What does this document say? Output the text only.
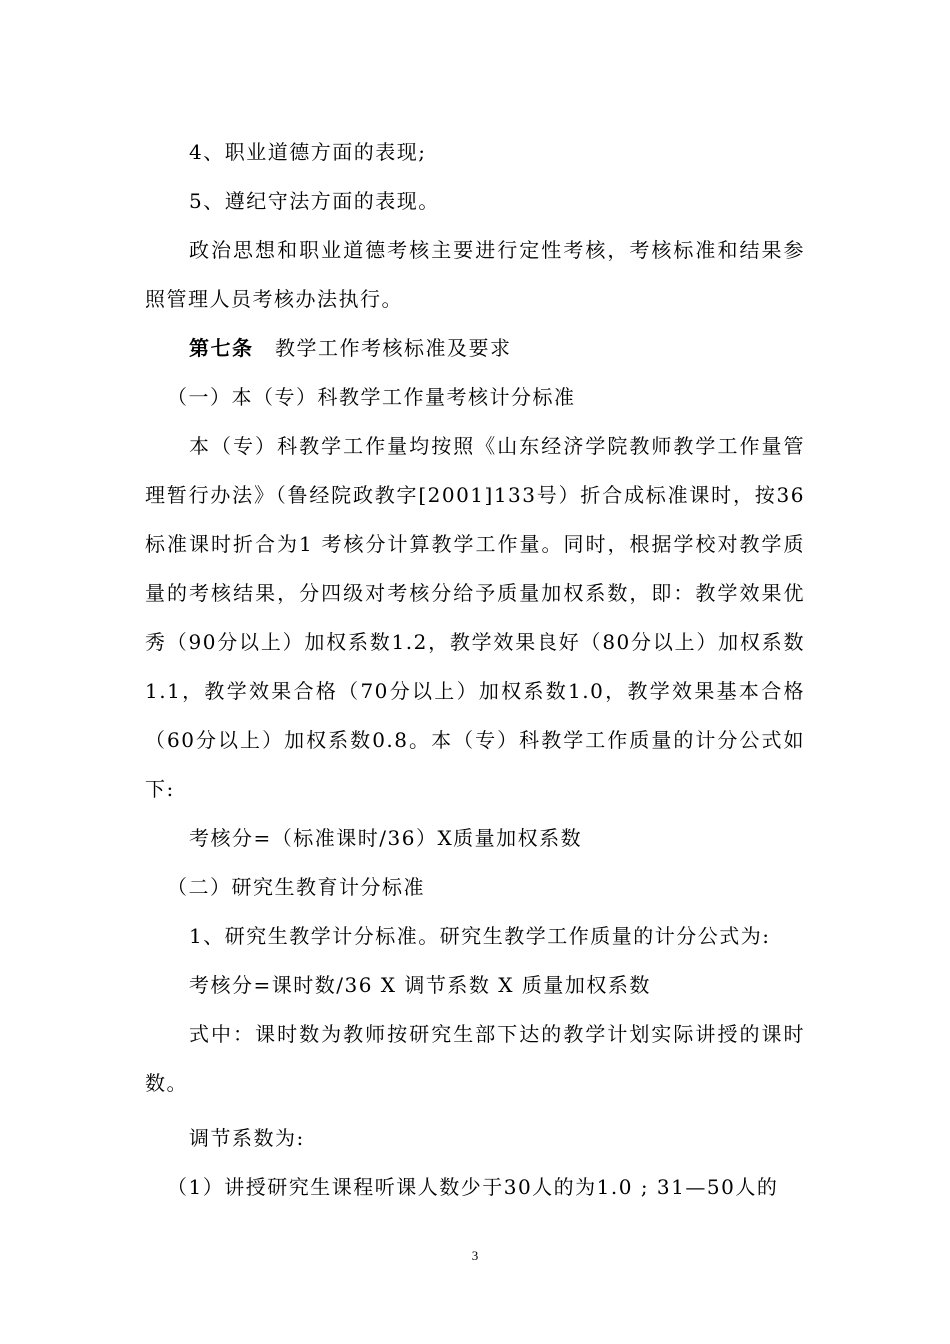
4、职业道德方面的表现;

5、遵纪守法方面的表现。

政治思想和职业道德考核主要进行定性考核，考核标准和结果参照管理人员考核办法执行。

第七条　教学工作考核标准及要求

（一）本（专）科教学工作量考核计分标准

本（专）科教学工作量均按照《山东经济学院教师教学工作量管理暂行办法》（鲁经院政教字[2001]133号）折合成标准课时，按36标准课时折合为1 考核分计算教学工作量。同时，根据学校对教学质量的考核结果，分四级对考核分给予质量加权系数，即：教学效果优秀（90分以上）加权系数1.2，教学效果良好（80分以上）加权系数1.1，教学效果合格（70分以上）加权系数1.0，教学效果基本合格（60分以上）加权系数0.8。本（专）科教学工作质量的计分公式如下:

考核分=（标准课时/36）X质量加权系数

（二）研究生教育计分标准

1、研究生教学计分标准。研究生教学工作质量的计分公式为:

考核分=课时数/36 X 调节系数 X 质量加权系数

式中：课时数为教师按研究生部下达的教学计划实际讲授的课时数。

调节系数为:

（1）讲授研究生课程听课人数少于30人的为1.0 ; 31—50人的

3
